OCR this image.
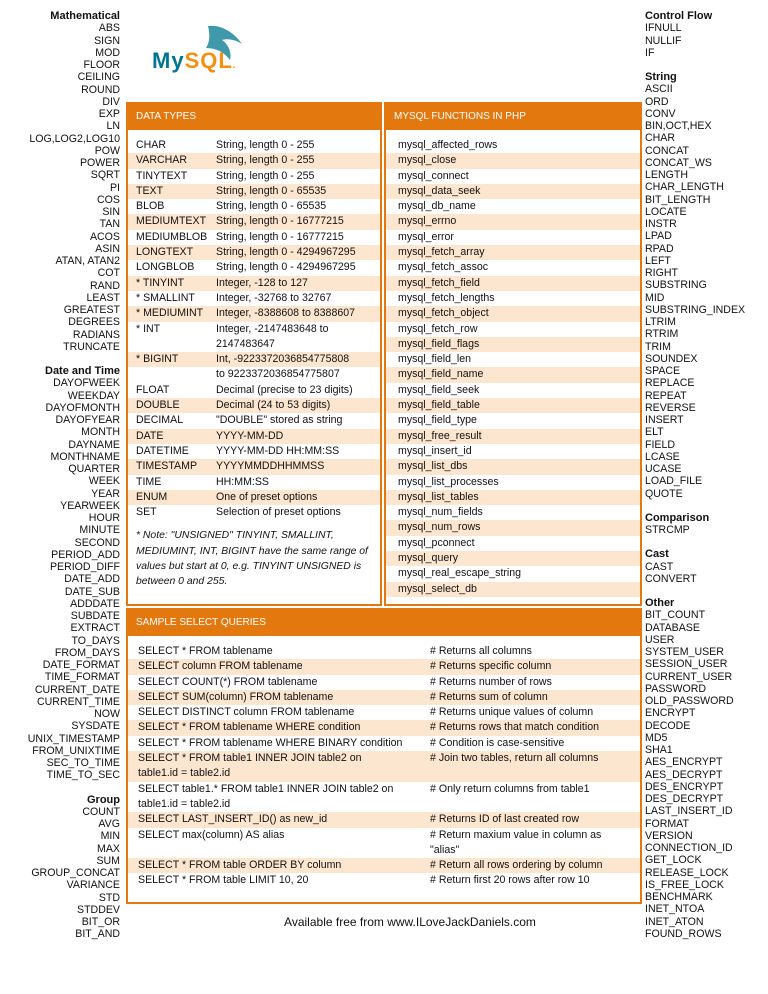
Mathematical
ABS
SIGN
MOD
FLOOR
CEILING
ROUND
DIV
EXP
LN
LOG,LOG2,LOG10
POW
POWER
SQRT
PI
COS
SIN
TAN
ACOS
ASIN
ATAN, ATAN2
COT
RAND
LEAST
GREATEST
DEGREES
RADIANS
TRUNCATE
Date and Time
DAYOFWEEK
WEEKDAY
DAYOFMONTH
DAYOFYEAR
MONTH
DAYNAME
MONTHNAME
QUARTER
WEEK
YEAR
YEARWEEK
HOUR
MINUTE
SECOND
PERIOD_ADD
PERIOD_DIFF
DATE_ADD
DATE_SUB
ADDDATE
SUBDATE
EXTRACT
TO_DAYS
FROM_DAYS
DATE_FORMAT
TIME_FORMAT
CURRENT_DATE
CURRENT_TIME
NOW
SYSDATE
UNIX_TIMESTAMP
FROM_UNIXTIME
SEC_TO_TIME
TIME_TO_SEC
Group
COUNT
AVG
MIN
MAX
SUM
GROUP_CONCAT
VARIANCE
STD
STDDEV
BIT_OR
BIT_AND
Control Flow
IFNULL
NULLIF
IF
String
ASCII
ORD
CONV
BIN,OCT,HEX
CHAR
CONCAT
CONCAT_WS
LENGTH
CHAR_LENGTH
BIT_LENGTH
LOCATE
INSTR
LPAD
RPAD
LEFT
RIGHT
SUBSTRING
MID
SUBSTRING_INDEX
LTRIM
RTRIM
TRIM
SOUNDEX
SPACE
REPLACE
REPEAT
REVERSE
INSERT
ELT
FIELD
LCASE
UCASE
LOAD_FILE
QUOTE
Comparison
STRCMP
Cast
CAST
CONVERT
Other
BIT_COUNT
DATABASE
USER
SYSTEM_USER
SESSION_USER
CURRENT_USER
PASSWORD
OLD_PASSWORD
ENCRYPT
DECODE
MD5
SHA1
AES_ENCRYPT
AES_DECRYPT
DES_ENCRYPT
DES_DECRYPT
LAST_INSERT_ID
FORMAT
VERSION
CONNECTION_ID
GET_LOCK
RELEASE_LOCK
IS_FREE_LOCK
BENCHMARK
INET_NTOA
INET_ATON
FOUND_ROWS
MySQL.
DATA TYPES
CHAR	String, length 0 - 255
VARCHAR	String, length 0 - 255
TINYTEXT	String, length 0 - 255
TEXT	String, length 0 - 65535
BLOB	String, length 0 - 65535
MEDIUMTEXT String, length 0 - 16777215
MEDIUMBLOB String, length 0 - 16777215
LONGTEXT	String, length 0 - 4294967295
LONGBLOB	String, length 0 - 4294967295
* TINYINT	Integer, -128 to 127
* SMALLINT	Integer, -32768 to 32767
* MEDIUMINT	Integer, -8388608 to 8388607
* INT	Integer, -2147483648 to
2147483647
* BIGINT	Int, -9223372036854775808
to 9223372036854775807
FLOAT	Decimal (precise to 23 digits)
DOUBLE	Decimal (24 to 53 digits)
DECIMAL	"DOUBLE" stored as string
DATE	YYYY-MM-DD
DATETIME	YYYY-MM-DD HH:MM:SS
TIMESTAMP	YYYYMMDDHHMMSS
TIME	HH:MM:SS
ENUM	One of preset options
SET	Selection of preset options
* Note: "UNSIGNED" TINYINT, SMALLINT, MEDIUMINT, INT, BIGINT have the same range of values but start at 0, e.g. TINYINT UNSIGNED is between 0 and 255.
MYSQL FUNCTIONS IN PHP
mysql_affected_rows
mysql_close
mysql_connect
mysql_data_seek
mysql_db_name
mysql_errno
mysql_error
mysql_fetch_array
mysql_fetch_assoc
mysql_fetch_field
mysql_fetch_lengths
mysql_fetch_object
mysql_fetch_row
mysql_field_flags
mysql_field_len
mysql_field_name
mysql_field_seek
mysql_field_table
mysql_field_type
mysql_free_result
mysql_insert_id
mysql_list_dbs
mysql_list_processes
mysql_list_tables
mysql_num_fields
mysql_num_rows
mysql_pconnect
mysql_query
mysql_real_escape_string
mysql_select_db
SAMPLE SELECT QUERIES
SELECT * FROM tablename	# Returns all columns
SELECT column FROM tablename	# Returns specific column
SELECT COUNT(*) FROM tablename	# Returns number of rows
SELECT SUM(column) FROM tablename	# Returns sum of column
SELECT DISTINCT column FROM tablename	# Returns unique values of column
SELECT * FROM tablename WHERE condition	# Returns rows that match condition
SELECT * FROM tablename WHERE BINARY condition	# Condition is case-sensitive
SELECT * FROM table1 INNER JOIN table2 on	# Join two tables, return all columns
table1.id = table2.id
SELECT table1.* FROM table1 INNER JOIN table2 on	# Only return columns from table1
table1.id = table2.id
SELECT LAST_INSERT_ID() as new_id	# Returns ID of last created row
SELECT max(column) AS alias	# Return maxium value in column as
"alias"
SELECT * FROM table ORDER BY column	# Return all rows ordering by column
SELECT * FROM table LIMIT 10, 20	# Return first 20 rows after row 10
Available free from www.ILoveJackDaniels.com
